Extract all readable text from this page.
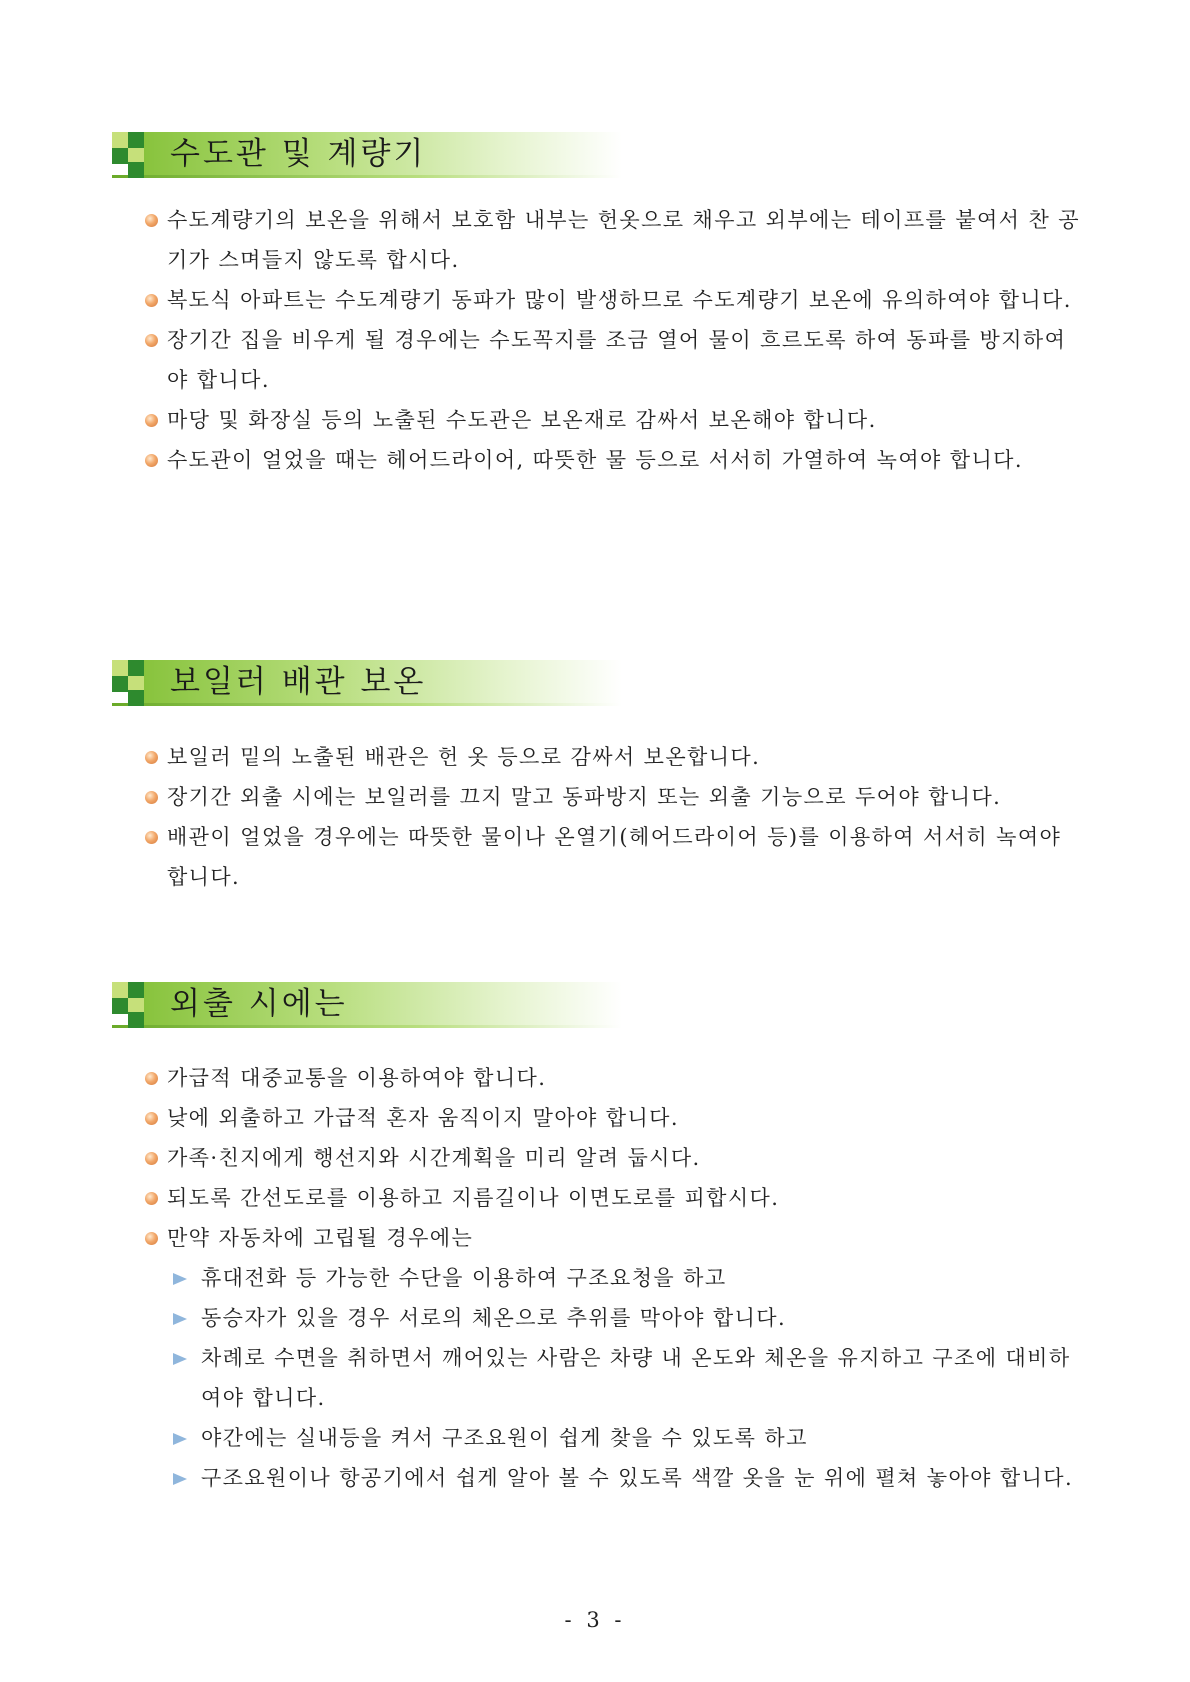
수도관 및 계량기
수도계량기의 보온을 위해서 보호함 내부는 헌옷으로 채우고 외부에는 테이프를 붙여서 찬 공기가 스며들지 않도록 합시다.
복도식 아파트는 수도계량기 동파가 많이 발생하므로 수도계량기 보온에 유의하여야 합니다.
장기간 집을 비우게 될 경우에는 수도꼭지를 조금 열어 물이 흐르도록 하여 동파를 방지하여야 합니다.
마당 및 화장실 등의 노출된 수도관은 보온재로 감싸서 보온해야 합니다.
수도관이 얼었을 때는 헤어드라이어, 따뜻한 물 등으로 서서히 가열하여 녹여야 합니다.
보일러 배관 보온
보일러 밑의 노출된 배관은 헌 옷 등으로 감싸서 보온합니다.
장기간 외출 시에는 보일러를 끄지 말고 동파방지 또는 외출 기능으로 두어야 합니다.
배관이 얼었을 경우에는 따뜻한 물이나 온열기(헤어드라이어 등)를 이용하여 서서히 녹여야 합니다.
외출 시에는
가급적 대중교통을 이용하여야 합니다.
낮에 외출하고 가급적 혼자 움직이지 말아야 합니다.
가족·친지에게 행선지와 시간계획을 미리 알려 둡시다.
되도록 간선도로를 이용하고 지름길이나 이면도로를 피합시다.
만약 자동차에 고립될 경우에는
휴대전화 등 가능한 수단을 이용하여 구조요청을 하고
동승자가 있을 경우 서로의 체온으로 추위를 막아야 합니다.
차례로 수면을 취하면서 깨어있는 사람은 차량 내 온도와 체온을 유지하고 구조에 대비하여야 합니다.
야간에는 실내등을 켜서 구조요원이 쉽게 찾을 수 있도록 하고
구조요원이나 항공기에서 쉽게 알아 볼 수 있도록 색깔 옷을 눈 위에 펼쳐 놓아야 합니다.
- 3 -
